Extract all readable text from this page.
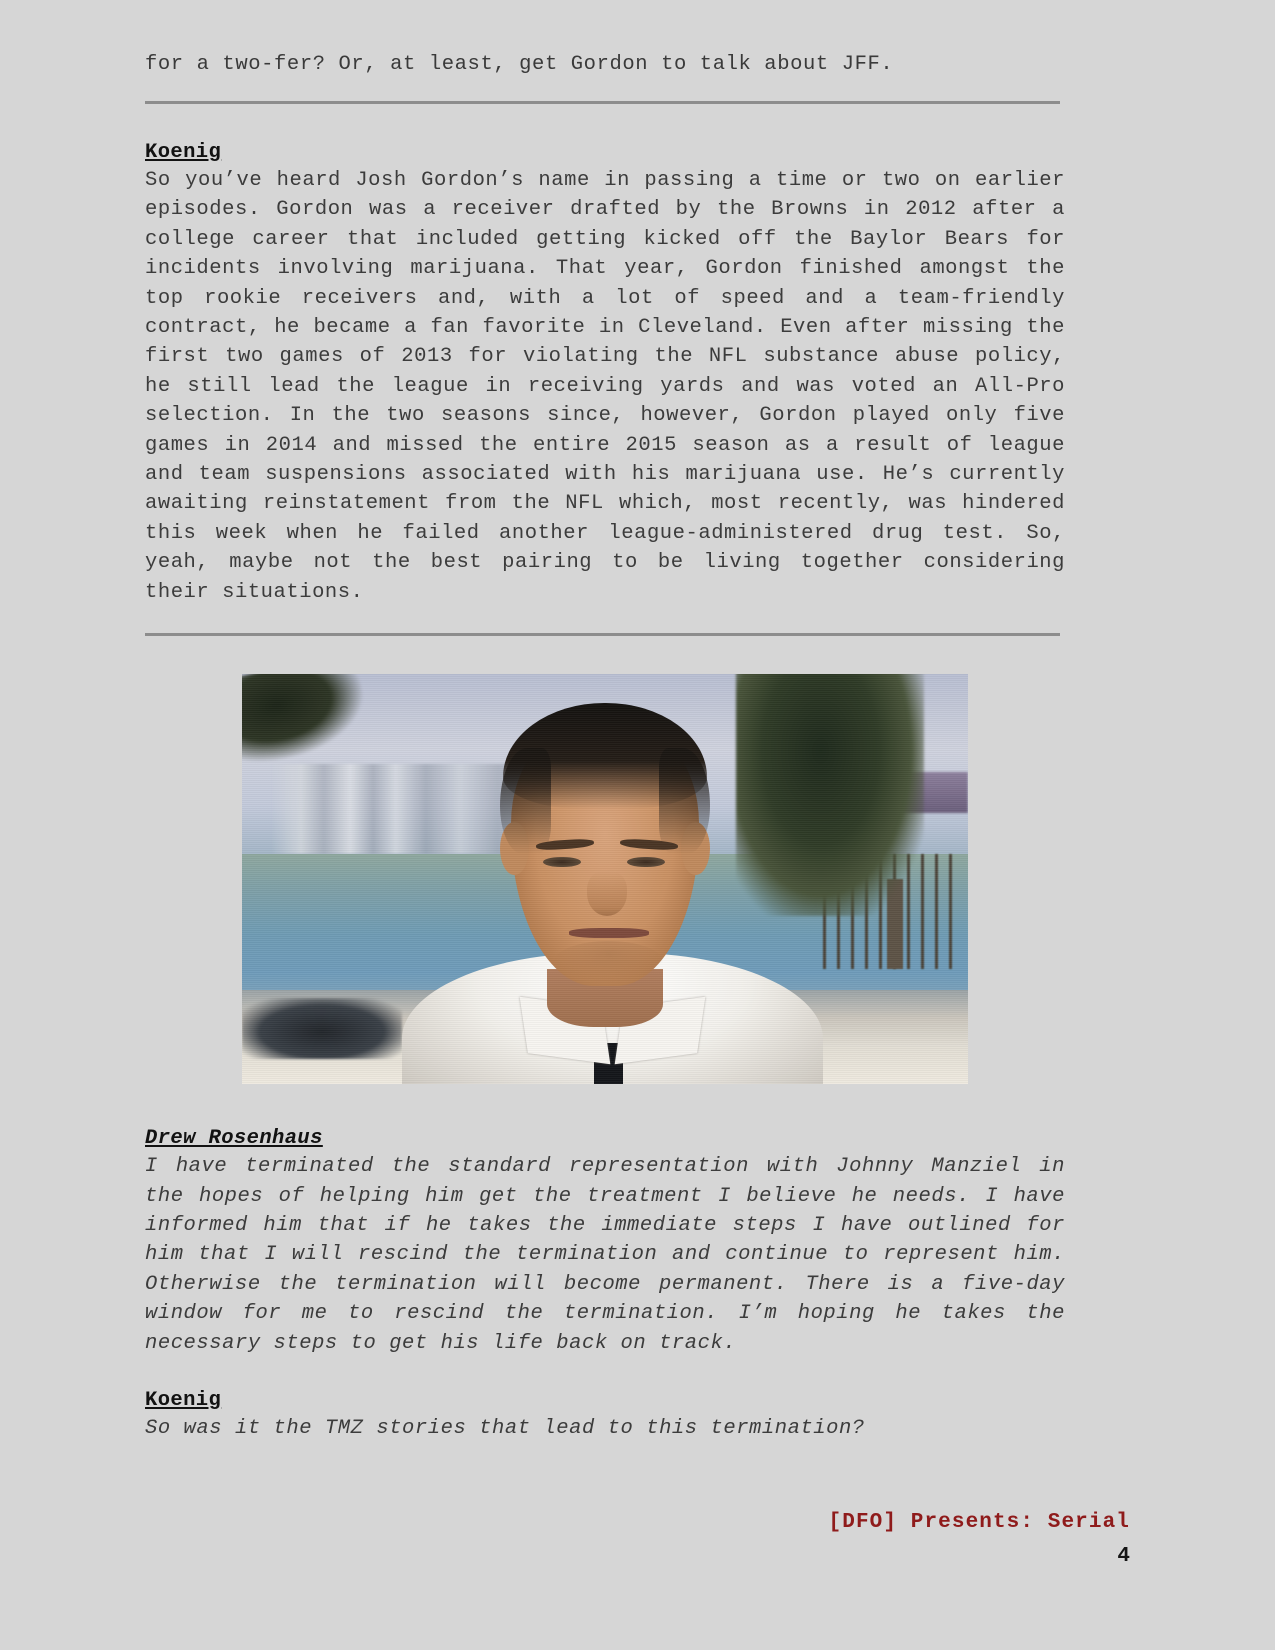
for a two-fer? Or, at least, get Gordon to talk about JFF.
Koenig
So you’ve heard Josh Gordon’s name in passing a time or two on earlier episodes. Gordon was a receiver drafted by the Browns in 2012 after a college career that included getting kicked off the Baylor Bears for incidents involving marijuana. That year, Gordon finished amongst the top rookie receivers and, with a lot of speed and a team-friendly contract, he became a fan favorite in Cleveland. Even after missing the first two games of 2013 for violating the NFL substance abuse policy, he still lead the league in receiving yards and was voted an All-Pro selection. In the two seasons since, however, Gordon played only five games in 2014 and missed the entire 2015 season as a result of league and team suspensions associated with his marijuana use. He’s currently awaiting reinstatement from the NFL which, most recently, was hindered this week when he failed another league-administered drug test. So, yeah, maybe not the best pairing to be living together considering their situations.
Drew Rosenhaus
I have terminated the standard representation with Johnny Manziel in the hopes of helping him get the treatment I believe he needs. I have informed him that if he takes the immediate steps I have outlined for him that I will rescind the termination and continue to represent him. Otherwise the termination will become permanent. There is a five-day window for me to rescind the termination. I’m hoping he takes the necessary steps to get his life back on track.
Koenig
So was it the TMZ stories that lead to this termination?
[DFO] Presents: Serial
4
